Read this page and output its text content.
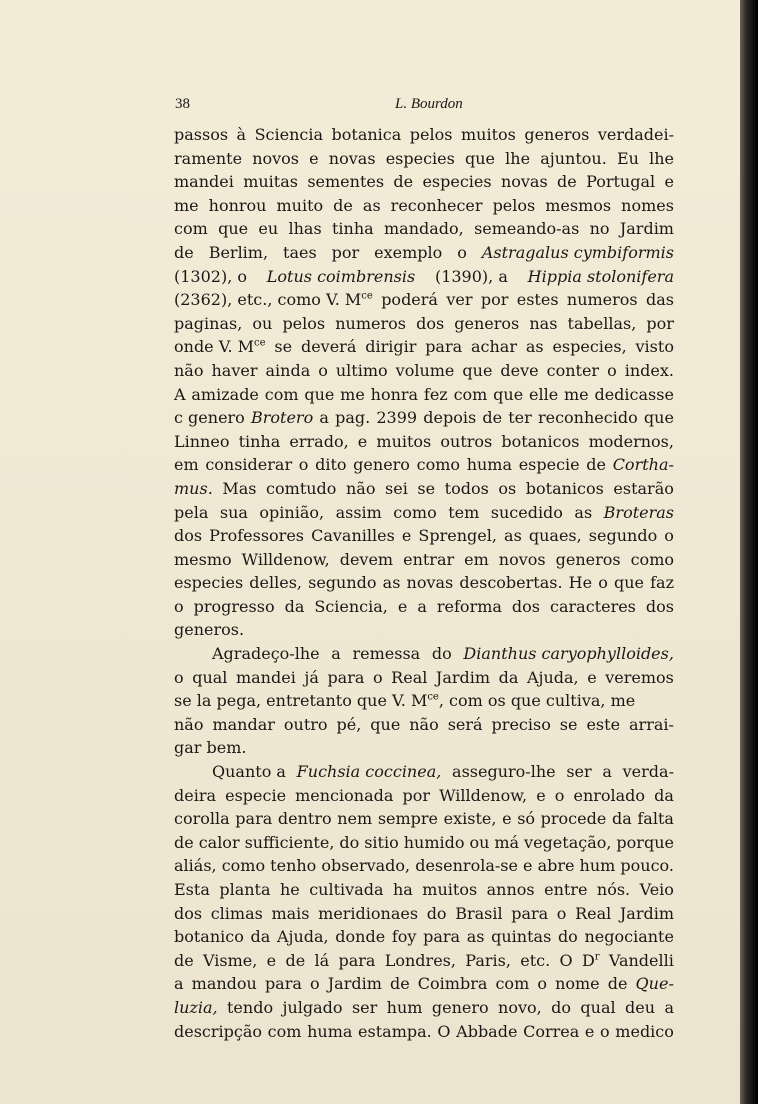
38	L. Bourdon
passos à Sciencia botanica pelos muitos generos verdadei-
ramente novos e novas especies que lhe ajuntou. Eu lhe
mandei muitas sementes de especies novas de Portugal e
me honrou muito de as reconhecer pelos mesmos nomes
com que eu lhas tinha mandado, semeando-as no Jardim
de Berlim, taes por exemplo o Astragalus cymbiformis
(1302), o Lotus coimbrensis (1390), a Hippia stolonifera
(2362), etc., como V. $M^{ce}$ poderá ver por estes numeros das
paginas, ou pelos numeros dos generos nas tabellas, por
onde V. $M^{ce}$ se deverá dirigir para achar as especies, visto
não haver ainda o ultimo volume que deve conter o index.
A amizade com que me honra fez com que elle me dedicasse
c genero Brotero a pag. 2399 depois de ter reconhecido que
Linneo tinha errado, e muitos outros botanicos modernos,
em considerar o dito genero como huma especie de Cortha-
mus. Mas comtudo não sei se todos os botanicos estarão
pela sua opinião, assim como tem sucedido as Broteras
dos Professores Cavanilles e Sprengel, as quaes, segundo o
mesmo Willdenow, devem entrar em novos generos como
especies delles, segundo as novas descobertas. He o que faz
o progresso da Sciencia, e a reforma dos caracteres dos
generos.
Agradeço-lhe a remessa do Dianthus caryophylloides,
o qual mandei já para o Real Jardim da Ajuda, e veremos
se la pega, entretanto que V. $M^{ce}$, com os que cultiva, me
não mandar outro pé, que não será preciso se este arrai-
gar bem.
Quanto a Fuchsia coccinea, asseguro-lhe ser a verda-
deira especie mencionada por Willdenow, e o enrolado da
corolla para dentro nem sempre existe, e só procede da falta
de calor sufficiente, do sitio humido ou má vegetação, porque
aliás, como tenho observado, desenrola-se e abre hum pouco.
Esta planta he cultivada ha muitos annos entre nós. Veio
dos climas mais meridionaes do Brasil para o Real Jardim
botanico da Ajuda, donde foy para as quintas do negociante
de Visme, e de lá para Londres, Paris, etc. O $D^r$ Vandelli
a mandou para o Jardim de Coimbra com o nome de Que-
luzia, tendo julgado ser hum genero novo, do qual deu a
descripção com huma estampa. O Abbade Correa e o medico
